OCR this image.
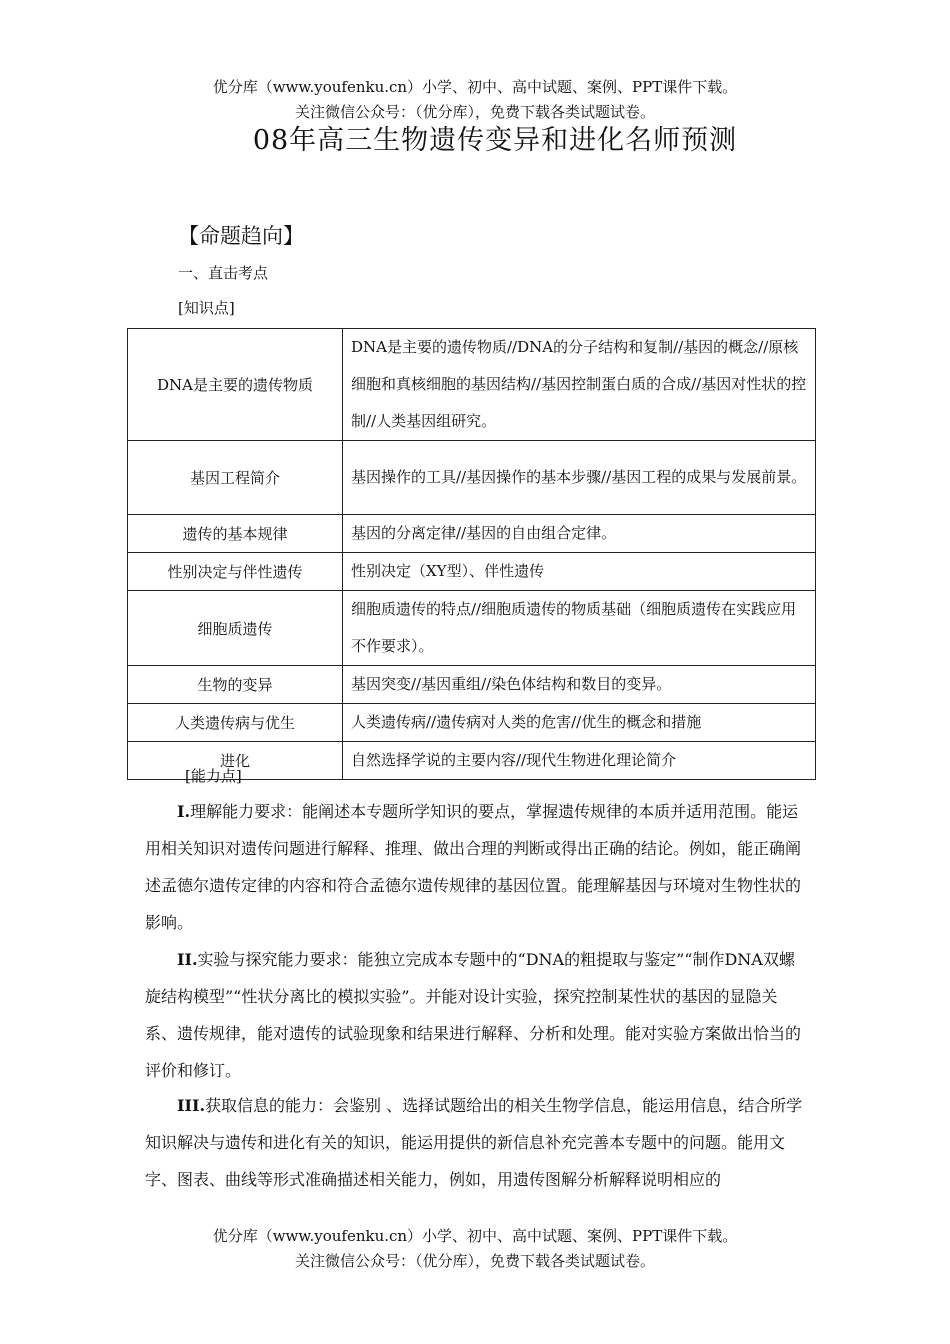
优分库（www.youfenku.cn）小学、初中、高中试题、案例、PPT课件下载。
关注微信公众号：（优分库），免费下载各类试题试卷。
08年高三生物遗传变异和进化名师预测
【命题趋向】
一、直击考点
[知识点]
DNA是主要的遗传物质	DNA是主要的遗传物质//DNA的分子结构和复制//基因的概念//原核细胞和真核细胞的基因结构//基因控制蛋白质的合成//基因对性状的控制//人类基因组研究。
基因工程简介	基因操作的工具//基因操作的基本步骤//基因工程的成果与发展前景。
遗传的基本规律	基因的分离定律//基因的自由组合定律。
性别决定与伴性遗传	性别决定（XY型）、伴性遗传
细胞质遗传	细胞质遗传的特点//细胞质遗传的物质基础（细胞质遗传在实践应用不作要求）。
生物的变异	基因突变//基因重组//染色体结构和数目的变异。
人类遗传病与优生	人类遗传病//遗传病对人类的危害//优生的概念和措施
进化	自然选择学说的主要内容//现代生物进化理论简介
[能力点]
I.理解能力要求：能阐述本专题所学知识的要点，掌握遗传规律的本质并适用范围。能运用相关知识对遗传问题进行解释、推理、做出合理的判断或得出正确的结论。例如，能正确阐述孟德尔遗传定律的内容和符合孟德尔遗传规律的基因位置。能理解基因与环境对生物性状的影响。
II.实验与探究能力要求：能独立完成本专题中的“DNA的粗提取与鉴定”“制作DNA双螺旋结构模型”“性状分离比的模拟实验”。并能对设计实验，探究控制某性状的基因的显隐关系、遗传规律，能对遗传的试验现象和结果进行解释、分析和处理。能对实验方案做出恰当的评价和修订。
III.获取信息的能力：会鉴别 、选择试题给出的相关生物学信息，能运用信息，结合所学知识解决与遗传和进化有关的知识，能运用提供的新信息补充完善本专题中的问题。能用文字、图表、曲线等形式准确描述相关能力，例如，用遗传图解分析解释说明相应的
优分库（www.youfenku.cn）小学、初中、高中试题、案例、PPT课件下载。
关注微信公众号：（优分库），免费下载各类试题试卷。
